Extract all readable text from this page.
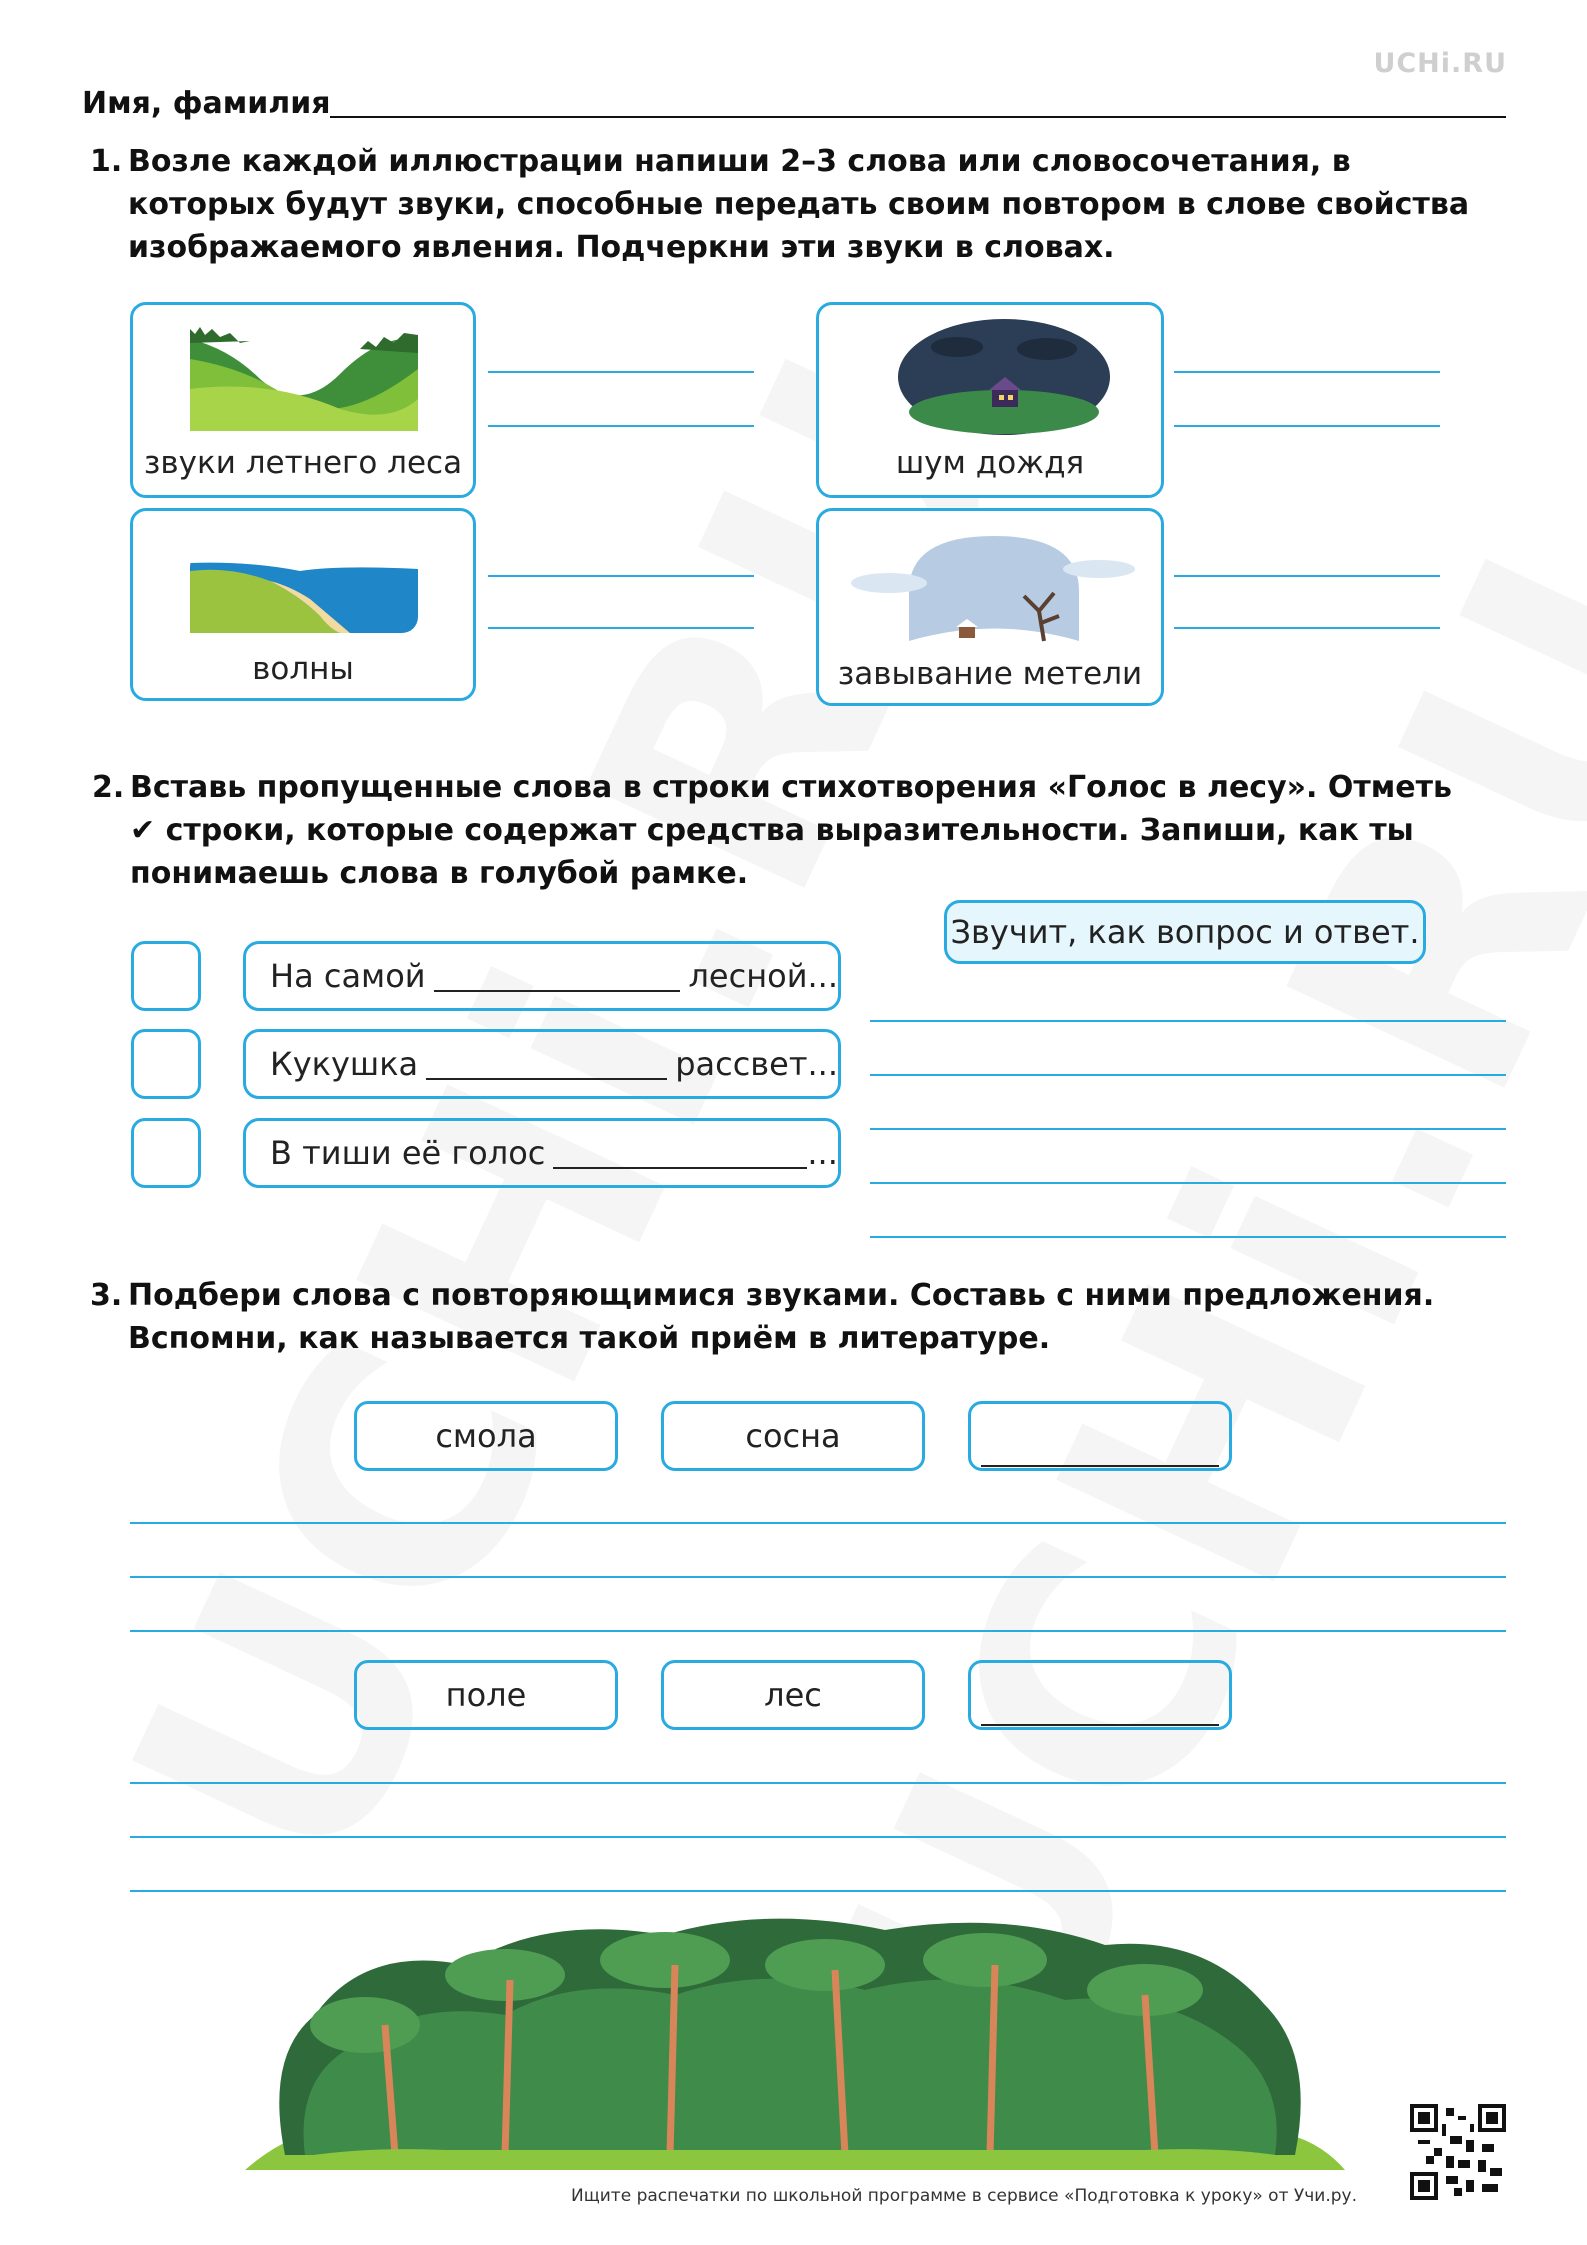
UCHi.RU
Имя, фамилия
1. Возле каждой иллюстрации напиши 2–3 слова или словосочетания, в которых будут звуки, способные передать своим повтором в слове свойства изображаемого явления. Подчеркни эти звуки в словах.
звуки летнего леса	шум дождя
волны	завывание метели
2. Вставь пропущенные слова в строки стихотворения «Голос в лесу». Отметь ✔ строки, которые содержат средства выразительности. Запиши, как ты понимаешь слова в голубой рамке.
На самой	лесной...
Кукушка	рассвет...
В тиши её голос	...
Звучит, как вопрос и ответ.
3. Подбери слова с повторяющимися звуками. Составь с ними предложения. Вспомни, как называется такой приём в литературе.
смола	сосна
поле	лес
Ищите распечатки по школьной программе в сервисе «Подготовка к уроку» от Учи.ру.
